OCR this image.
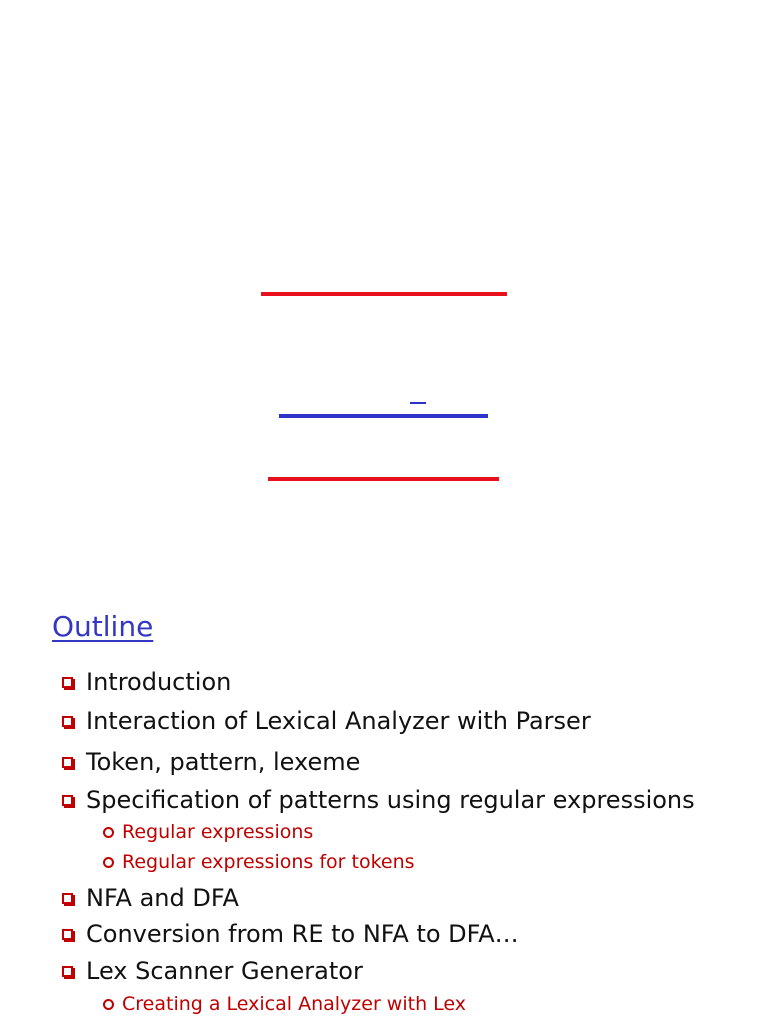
Outline
Introduction
Interaction of Lexical Analyzer with Parser
Token, pattern, lexeme
Specification of patterns using regular expressions
Regular expressions
Regular expressions for tokens
NFA and DFA
Conversion from RE to NFA to DFA…
Lex Scanner Generator
Creating a Lexical Analyzer with Lex
